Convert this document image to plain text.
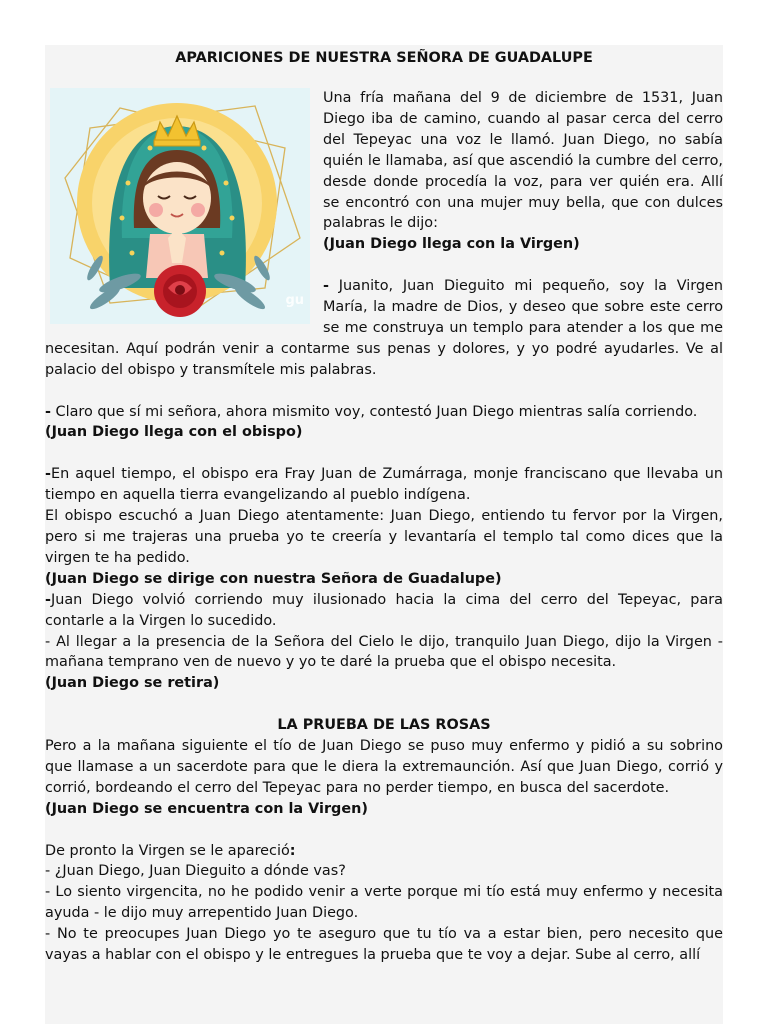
APARICIONES DE NUESTRA SEÑORA DE GUADALUPE
gu

Una fría mañana del 9 de diciembre de 1531, Juan Diego iba de camino, cuando al pasar cerca del cerro del Tepeyac una voz le llamó. Juan Diego, no sabía quién le llamaba, así que ascendió la cumbre del cerro, desde donde procedía la voz, para ver quién era. Allí se encontró con una mujer muy bella, que con dulces palabras le dijo:

(Juan Diego llega con la Virgen)

- Juanito, Juan Dieguito mi pequeño, soy la Virgen María, la madre de Dios, y deseo que sobre este cerro se me construya un templo para atender a los que me necesitan. Aquí podrán venir a contarme sus penas y dolores, y yo podré ayudarles. Ve al palacio del obispo y transmítele mis palabras.

- Claro que sí mi señora, ahora mismito voy, contestó Juan Diego mientras salía corriendo.

(Juan Diego llega con el obispo)

-En aquel tiempo, el obispo era Fray Juan de Zumárraga, monje franciscano que llevaba un tiempo en aquella tierra evangelizando al pueblo indígena.

El obispo escuchó a Juan Diego atentamente: Juan Diego, entiendo tu fervor por la Virgen, pero si me trajeras una prueba yo te creería y levantaría el templo tal como dices que la virgen te ha pedido.

(Juan Diego se dirige con nuestra Señora de Guadalupe)

-Juan Diego volvió corriendo muy ilusionado hacia la cima del cerro del Tepeyac, para contarle a la Virgen lo sucedido.

- Al llegar a la presencia de la Señora del Cielo le dijo, tranquilo Juan Diego, dijo la Virgen - mañana temprano ven de nuevo y yo te daré la prueba que el obispo necesita.

(Juan Diego se retira)

LA PRUEBA DE LAS ROSAS

Pero a la mañana siguiente el tío de Juan Diego se puso muy enfermo y pidió a su sobrino que llamase a un sacerdote para que le diera la extremaunción. Así que Juan Diego, corrió y corrió, bordeando el cerro del Tepeyac para no perder tiempo, en busca del sacerdote.

(Juan Diego se encuentra con la Virgen)

De pronto la Virgen se le apareció:

- ¿Juan Diego, Juan Dieguito a dónde vas?

- Lo siento virgencita, no he podido venir a verte porque mi tío está muy enfermo y necesita ayuda - le dijo muy arrepentido Juan Diego.

- No te preocupes Juan Diego yo te aseguro que tu tío va a estar bien, pero necesito que vayas a hablar con el obispo y le entregues la prueba que te voy a dejar. Sube al cerro, allí
